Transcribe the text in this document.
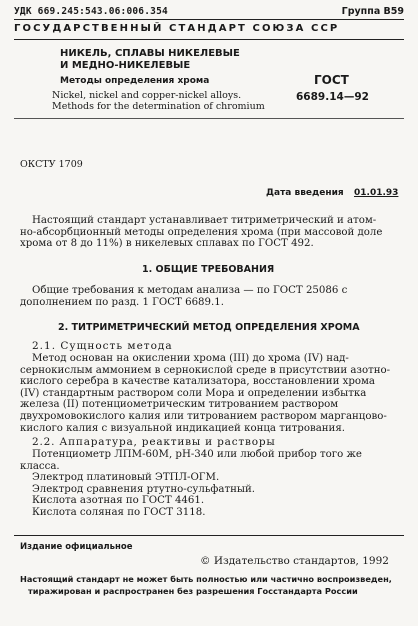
УДК 669.245:543.06:006.354	Группа В59
ГОСУДАРСТВЕННЫЙ СТАНДАРТ СОЮЗА ССР
НИКЕЛЬ, СПЛАВЫ НИКЕЛЕВЫЕ
И МЕДНО-НИКЕЛЕВЫЕ
Методы определения хрома
Nickel, nickel and copper-nickel alloys.
Methods for the determination of chromium
ГОСТ
6689.14—92
ОКСТУ 1709
Дата введения 01.01.93
Настоящий стандарт устанавливает титриметрический и атом-
но-абсорбционный методы определения хрома (при массовой доле
хрома от 8 до 11%) в никелевых сплавах по ГОСТ 492.
1. ОБЩИЕ ТРЕБОВАНИЯ
Общие требования к методам анализа — по ГОСТ 25086 с
дополнением по разд. 1 ГОСТ 6689.1.
2. ТИТРИМЕТРИЧЕСКИЙ МЕТОД ОПРЕДЕЛЕНИЯ ХРОМА
2.1. Сущность метода
Метод основан на окислении хрома (III) до хрома (IV) над-
сернокислым аммонием в сернокислой среде в присутствии азотно-
кислого серебра в качестве катализатора, восстановлении хрома
(IV) стандартным раствором соли Мора и определении избытка
железа (II) потенциометрическим титрованием раствором
двухромовокислого калия или титрованием раствором марганцово-
кислого калия с визуальной индикацией конца титрования.
2.2. Аппаратура, реактивы и растворы
Потенциометр ЛПМ-60М, рН-340 или любой прибор того же
класса.
Электрод платиновый ЭТПЛ-ОГМ.
Электрод сравнения ртутно-сульфатный.
Кислота азотная по ГОСТ 4461.
Кислота соляная по ГОСТ 3118.
Издание официальное
© Издательство стандартов, 1992
Настоящий стандарт не может быть полностью или частично воспроизведен,
тиражирован и распространен без разрешения Госстандарта России
